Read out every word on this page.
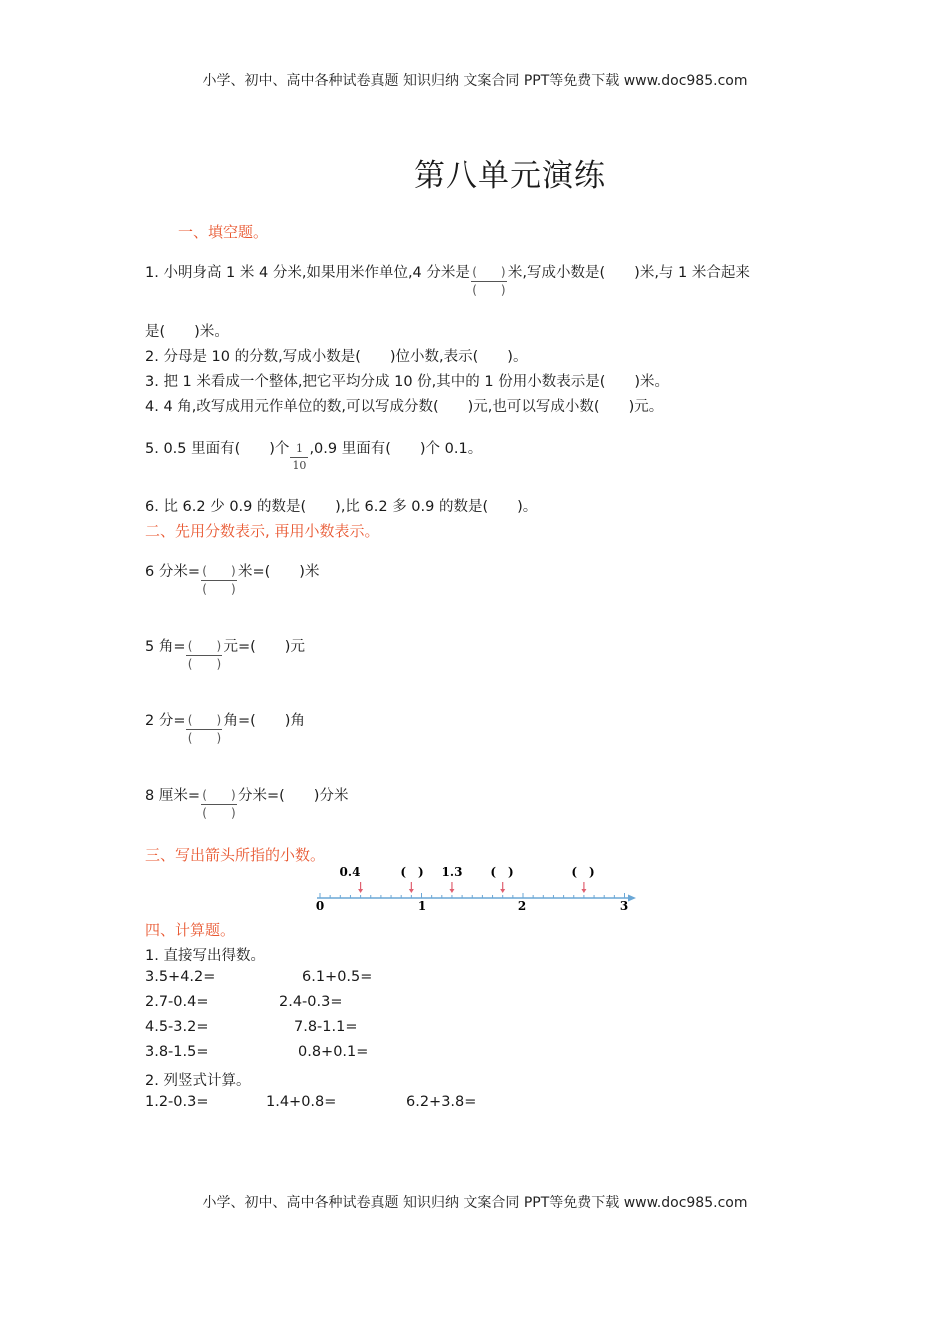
小学、初中、高中各种试卷真题 知识归纳 文案合同 PPT等免费下载 www.doc985.com
第八单元演练
一、填空题。
1. 小明身高 1 米 4 分米,如果用米作单位,4 分米是 $\frac{( )}{( )}$ 米,写成小数是(　　)米,与 1 米合起来
是(　　)米。
2. 分母是 10 的分数,写成小数是(　　)位小数,表示(　　)。
3. 把 1 米看成一个整体,把它平均分成 10 份,其中的 1 份用小数表示是(　　)米。
4. 4 角,改写成用元作单位的数,可以写成分数(　　)元,也可以写成小数(　　)元。
5. 0.5 里面有(　　)个 $\frac{1}{10} ,0.9$ 里面有(　　)个 0.1。
6. 比 6.2 少 0.9 的数是(　　),比 6.2 多 0.9 的数是(　　)。
二、先用分数表示, 再用小数表示。
6 分米= $\frac{( )}{( )}$ 米=(　　)米
5 角= $\frac{( )}{( )}$ 元=(　　)元
2 分= $\frac{( )}{( )}$ 角=(　　)角
8 厘米= $\frac{( )}{( )}$ 分米=(　　)分米
三、写出箭头所指的小数。
0.4	(　) 1.3 (　)	(　)
0	1	2	3
四、计算题。
1. 直接写出得数。
3.5+4.2=	6.1+0.5=
2.7-0.4=	2.4-0.3=
4.5-3.2=	7.8-1.1=
3.8-1.5=	0.8+0.1=
2. 列竖式计算。
1.2-0.3=	1.4+0.8=	6.2+3.8=
小学、初中、高中各种试卷真题 知识归纳 文案合同 PPT等免费下载 www.doc985.com
